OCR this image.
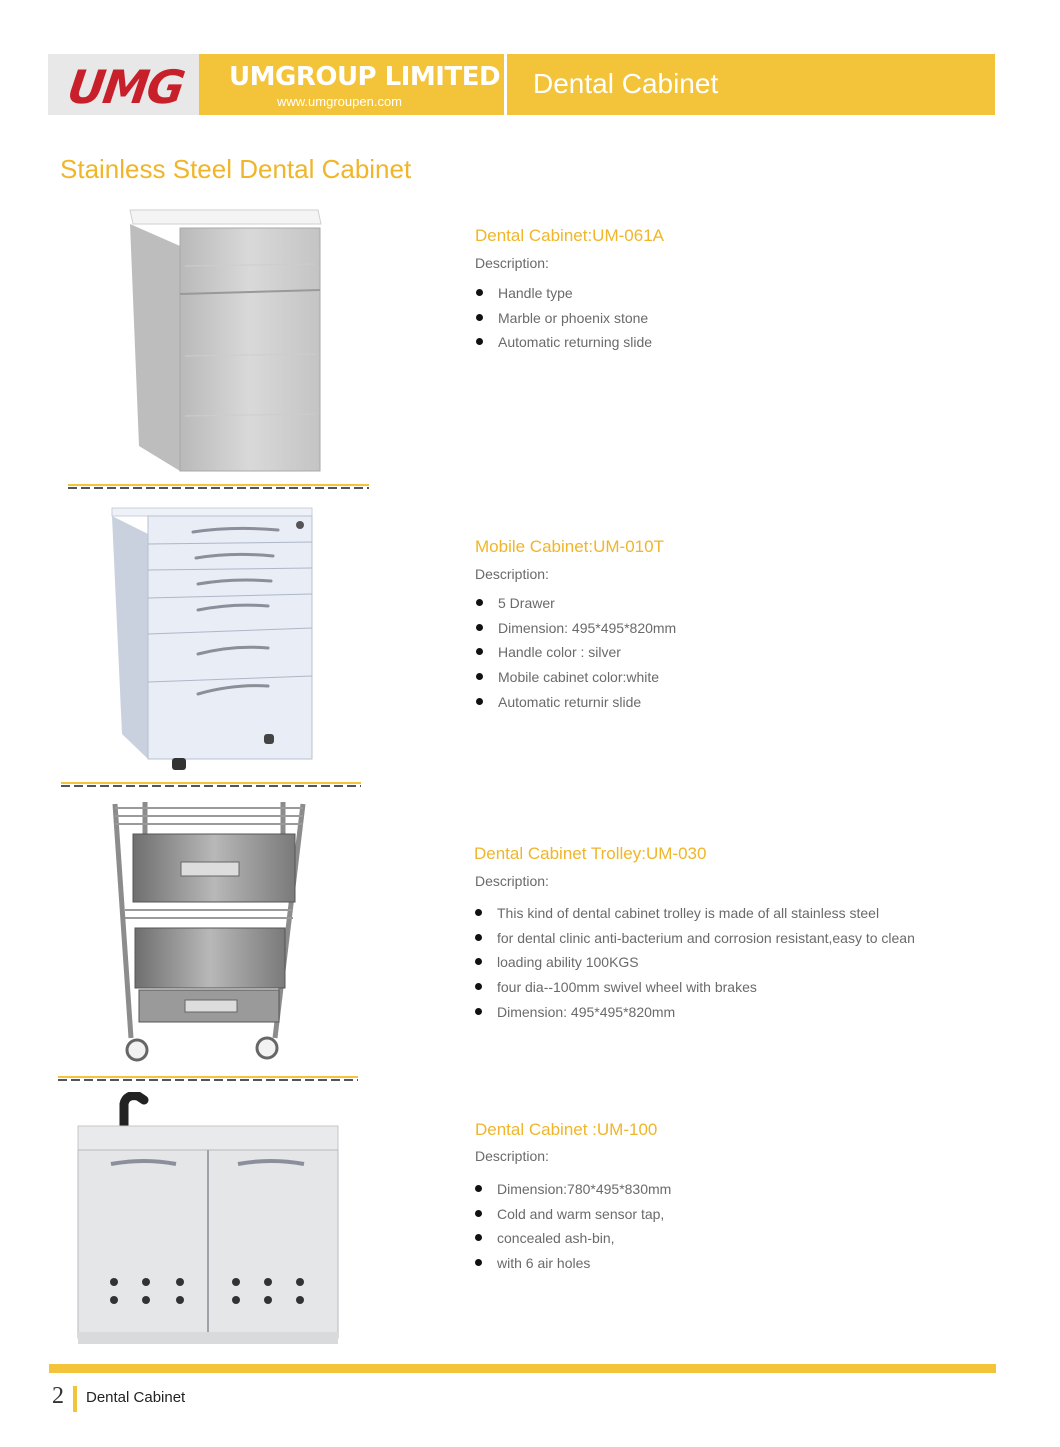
UMG UMGROUP LIMITED
www.umgroupen.com
Dental Cabinet
Stainless Steel Dental Cabinet
Dental Cabinet:UM-061A
Description:
Handle type
Marble or phoenix stone
Automatic returning slide
Mobile Cabinet:UM-010T
Description:
5 Drawer
Dimension: 495*495*820mm
Handle color : silver
Mobile cabinet color:white
Automatic returnir slide
Dental Cabinet Trolley:UM-030
Description:
This kind of dental cabinet trolley is made of all stainless steel
for dental clinic anti-bacterium and corrosion resistant,easy to clean
loading ability 100KGS
four dia--100mm swivel wheel with brakes
Dimension: 495*495*820mm
Dental Cabinet :UM-100
Description:
Dimension:780*495*830mm
Cold and warm sensor tap,
concealed ash-bin,
with 6 air holes
2 Dental Cabinet
